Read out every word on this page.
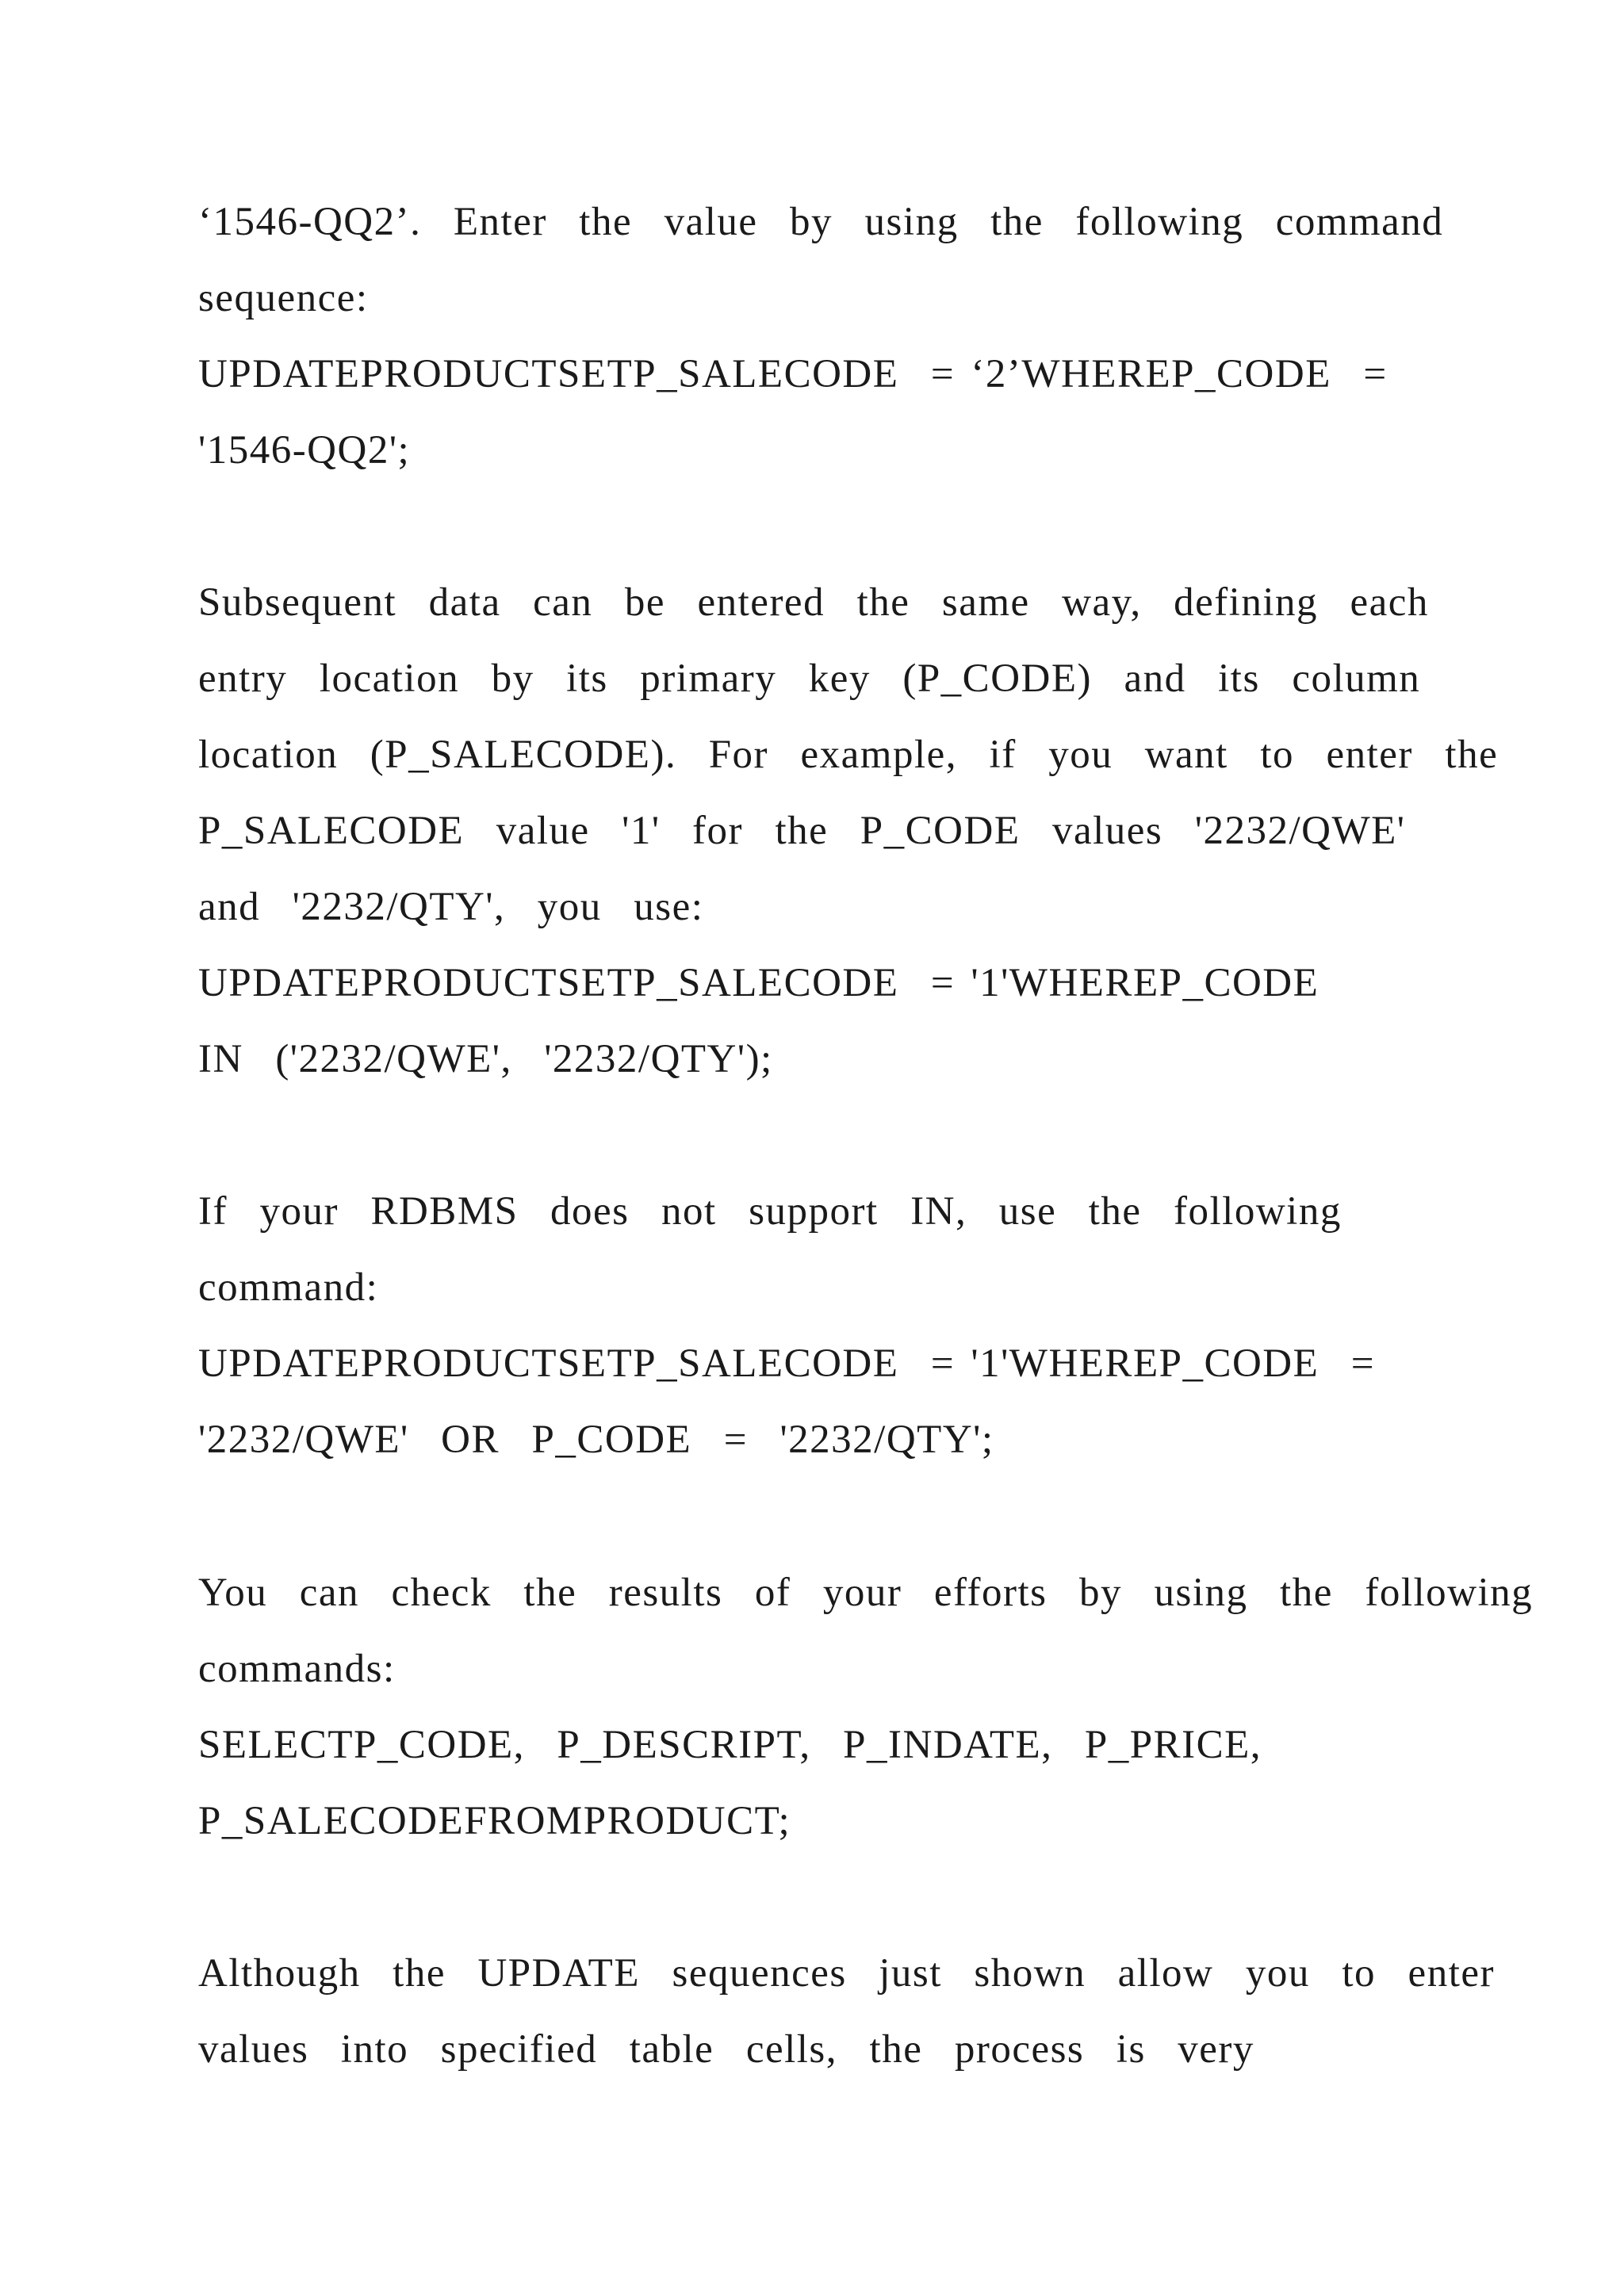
‘1546-QQ2’.  Enter  the  value  by  using  the  following  command
sequence:
UPDATEPRODUCTSETP_SALECODE  = ‘2’WHEREP_CODE  =
'1546-QQ2';
Subsequent  data  can  be  entered  the  same  way,  defining  each
entry  location  by  its  primary  key  (P_CODE)  and  its  column
location  (P_SALECODE).  For  example,  if  you  want  to  enter  the
P_SALECODE  value  '1'  for  the  P_CODE  values  '2232/QWE'
and  '2232/QTY',  you  use:
UPDATEPRODUCTSETP_SALECODE  = '1'WHEREP_CODE
IN  ('2232/QWE',  '2232/QTY');
If  your  RDBMS  does  not  support  IN,  use  the  following
command:
UPDATEPRODUCTSETP_SALECODE  = '1'WHEREP_CODE  =
'2232/QWE'  OR  P_CODE  =  '2232/QTY';
You  can  check  the  results  of  your  efforts  by  using  the  following
commands:
SELECTP_CODE,  P_DESCRIPT,  P_INDATE,  P_PRICE,
P_SALECODEFROMPRODUCT;
Although  the  UPDATE  sequences  just  shown  allow  you  to  enter
values  into  specified  table  cells,  the  process  is  very
